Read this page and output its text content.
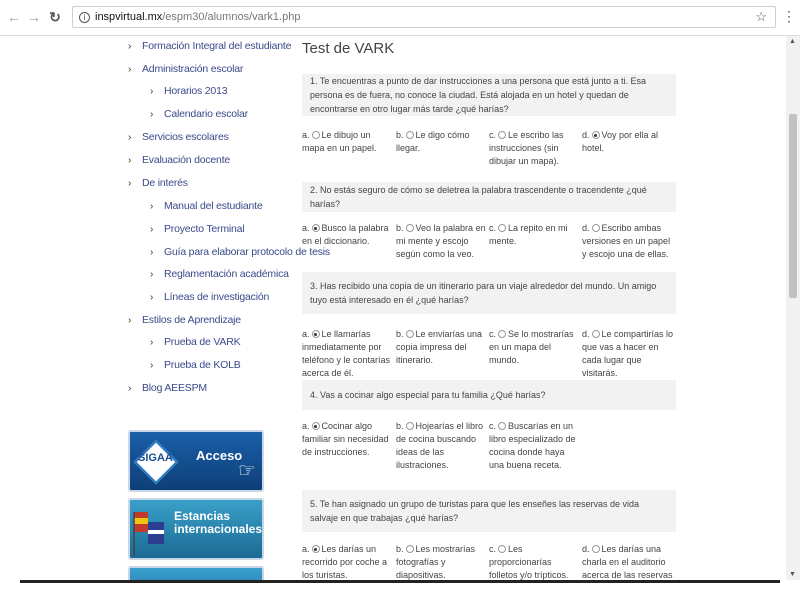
← → ↻	i inspvirtual.mx/espm30/alumnos/vark1.php	☆ ⋮
› Formación Integral del estudiante
› Administración escolar
› Horarios 2013
› Calendario escolar
› Servicios escolares
› Evaluación docente
› De interés
› Manual del estudiante
› Proyecto Terminal
› Guía para elaborar protocolo de tesis
› Reglamentación académica
› Líneas de investigación
› Estilos de Aprendizaje
› Prueba de VARK
› Prueba de KOLB
› Blog AEESPM
SIGAA Acceso
☞
Estancias
internacionales
Test de VARK
1. Te encuentras a punto de dar instrucciones a una persona que está junto a ti. Esa persona es de fuera, no conoce la ciudad. Está alojada en un hotel y quedan de encontrarse en otro lugar más tarde ¿qué harías?
a. Le dibujo un mapa en un papel.
b. Le digo cómo llegar.
c. Le escribo las instrucciones (sin dibujar un mapa).
d. Voy por ella al hotel.
2. No estás seguro de cómo se deletrea la palabra trascendente o tracendente ¿qué harías?
a. Busco la palabra en el diccionario.
b. Veo la palabra en mi mente y escojo según como la veo.
c. La repito en mi mente.
d. Escribo ambas versiones en un papel y escojo una de ellas.
3. Has recibido una copia de un itinerario para un viaje alrededor del mundo. Un amigo tuyo está interesado en él ¿qué harías?
a. Le llamarías inmediatamente por teléfono y le contarías acerca de él.
b. Le enviarías una copia impresa del itinerario.
c. Se lo mostrarías en un mapa del mundo.
d. Le compartirías lo que vas a hacer en cada lugar que visitarás.
4. Vas a cocinar algo especial para tu familia ¿Qué harías?
a. Cocinar algo familiar sin necesidad de instrucciones.
b. Hojearías el libro de cocina buscando ideas de las ilustraciones.
c. Buscarías en un libro especializado de cocina donde haya una buena receta.
5. Te han asignado un grupo de turistas para que les enseñes las reservas de vida salvaje en que trabajas ¿qué harías?
a. Les darías un recorrido por coche a los turistas.
b. Les mostrarías fotografías y diapositivas.
c. Les proporcionarías folletos y/o trípticos.
d. Les darías una charla en el auditorio acerca de las reservas
▲
▼
